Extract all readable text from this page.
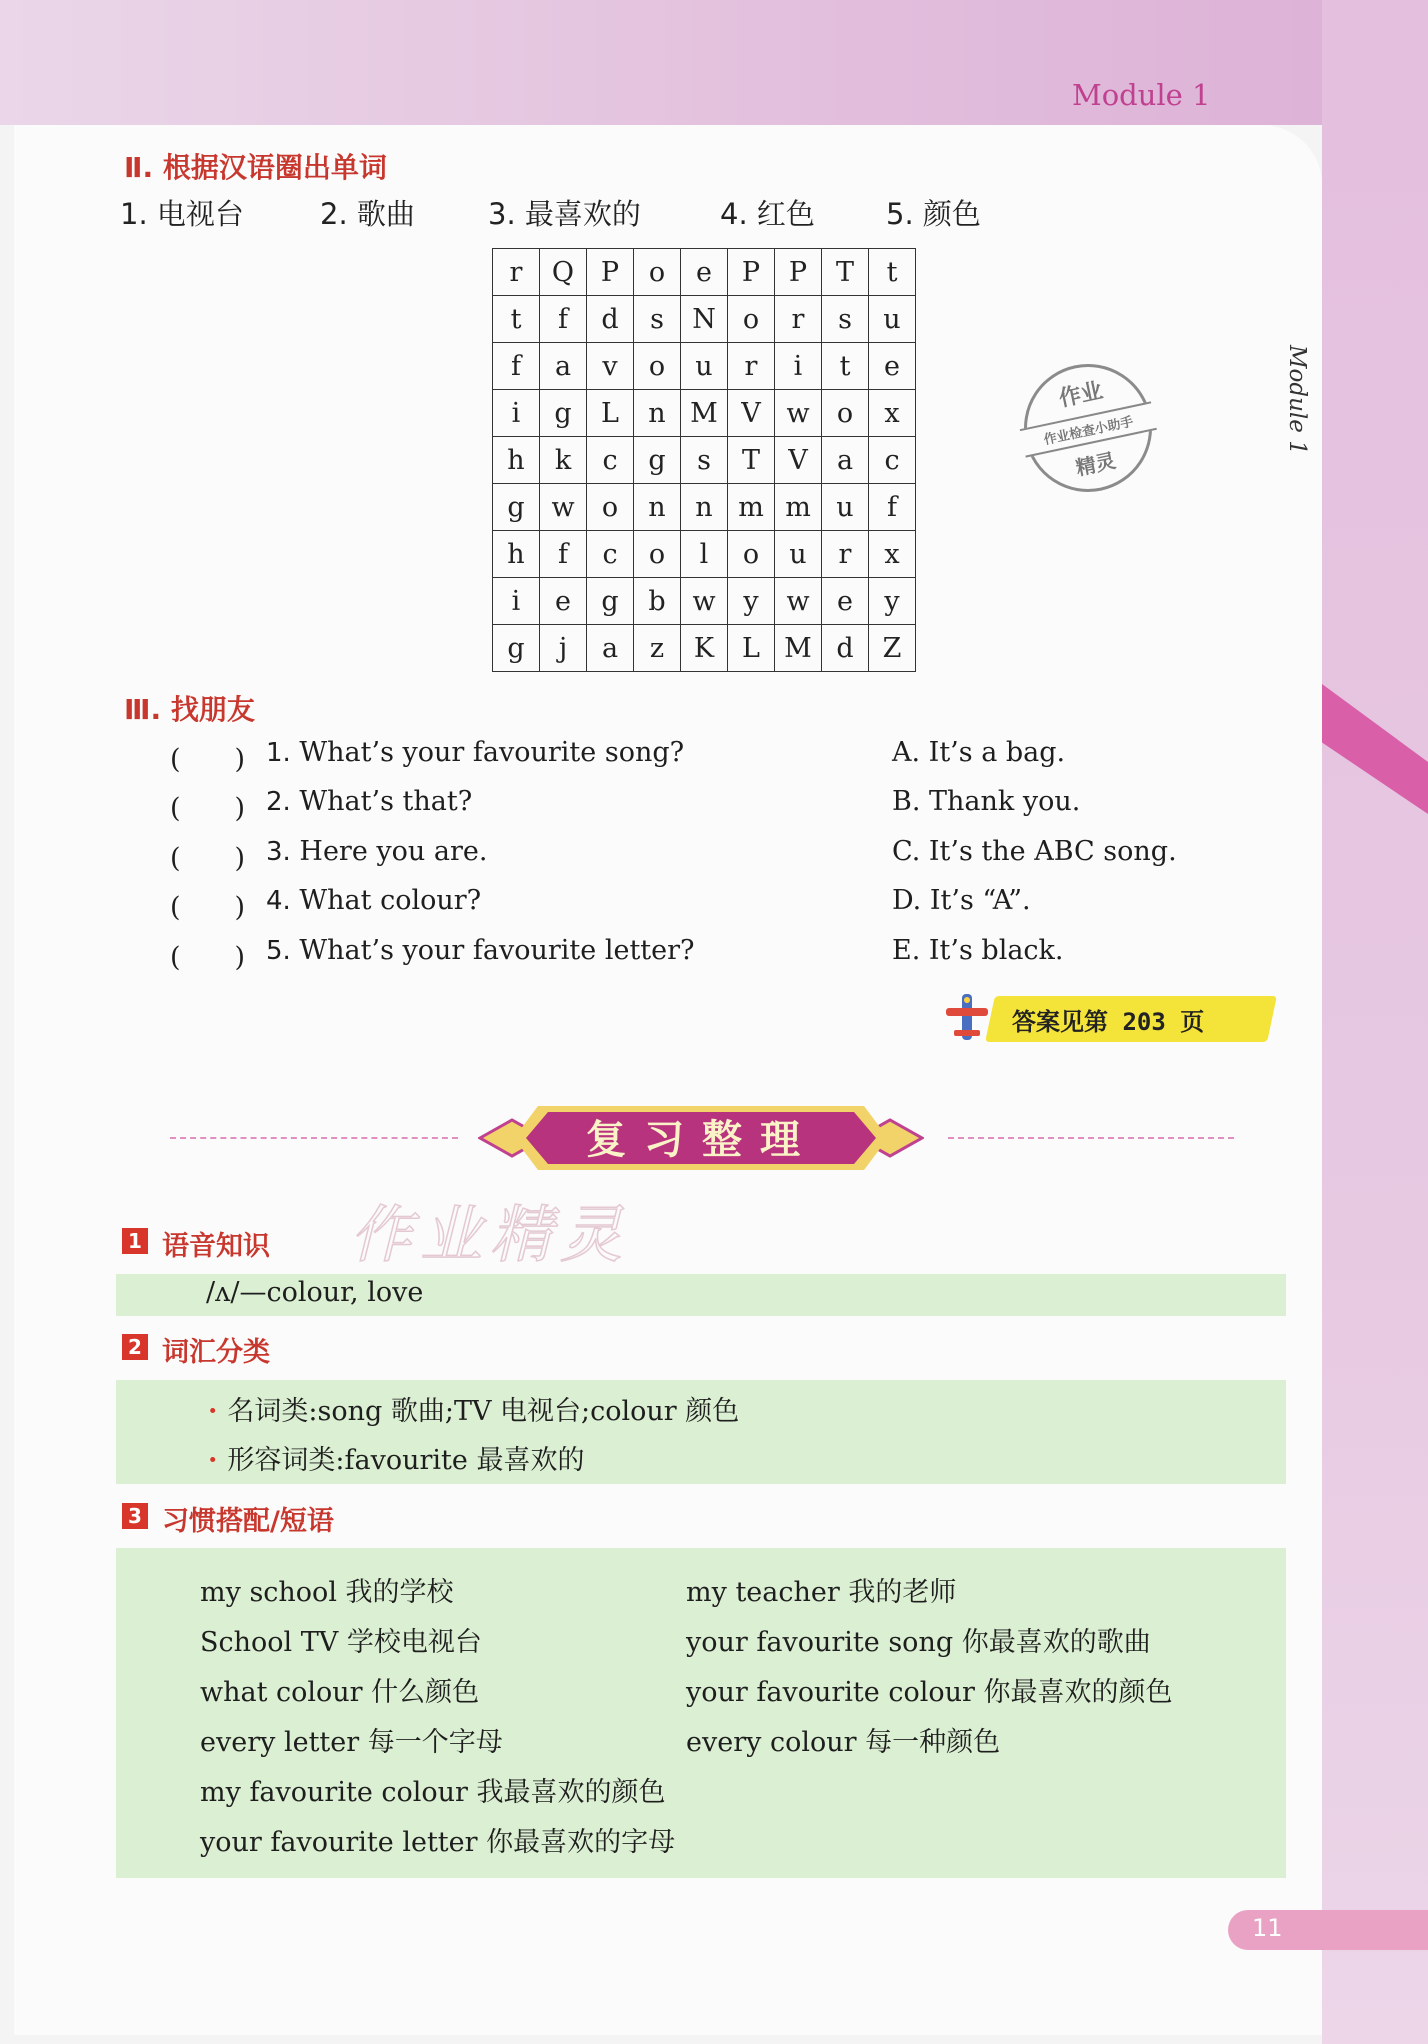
Module 1
Module 1
Ⅱ. 根据汉语圈出单词
1. 电视台	2. 歌曲	3. 最喜欢的	4. 红色 5. 颜色
r	Q	P	o	e	P	P	T	t
t	f	d	s	N	o	r	s	u
f	a	v	o	u	r	i	t	e
i	g	L	n	M	V	w	o	x
h	k	c	g	s	T	V	a	c
g	w	o	n	n	m	m	u	f
h	f	c	o	l	o	u	r	x
i	e	g	b	w	y	w	e	y
g	j	a	z	K	L	M	d	Z
作业
作业检查小助手
精灵
Ⅲ. 找朋友
(　　) 1. What’s your favourite song?
(　　) 2. What’s that?
(　　) 3. Here you are.
(　　) 4. What colour?
(　　) 5. What’s your favourite letter?
A. It’s a bag.
B. Thank you.
C. It’s the ABC song.
D. It’s “A”.
E. It’s black.
答案见第 203 页
复习整理
作业精灵
1 语音知识
/ʌ/—colour, love
2 词汇分类
· 名词类:song 歌曲;TV 电视台;colour 颜色
· 形容词类:favourite 最喜欢的
3 习惯搭配/短语
my school 我的学校
School TV 学校电视台
what colour 什么颜色
every letter 每一个字母
my favourite colour 我最喜欢的颜色
your favourite letter 你最喜欢的字母
my teacher 我的老师
your favourite song 你最喜欢的歌曲
your favourite colour 你最喜欢的颜色
every colour 每一种颜色
11
